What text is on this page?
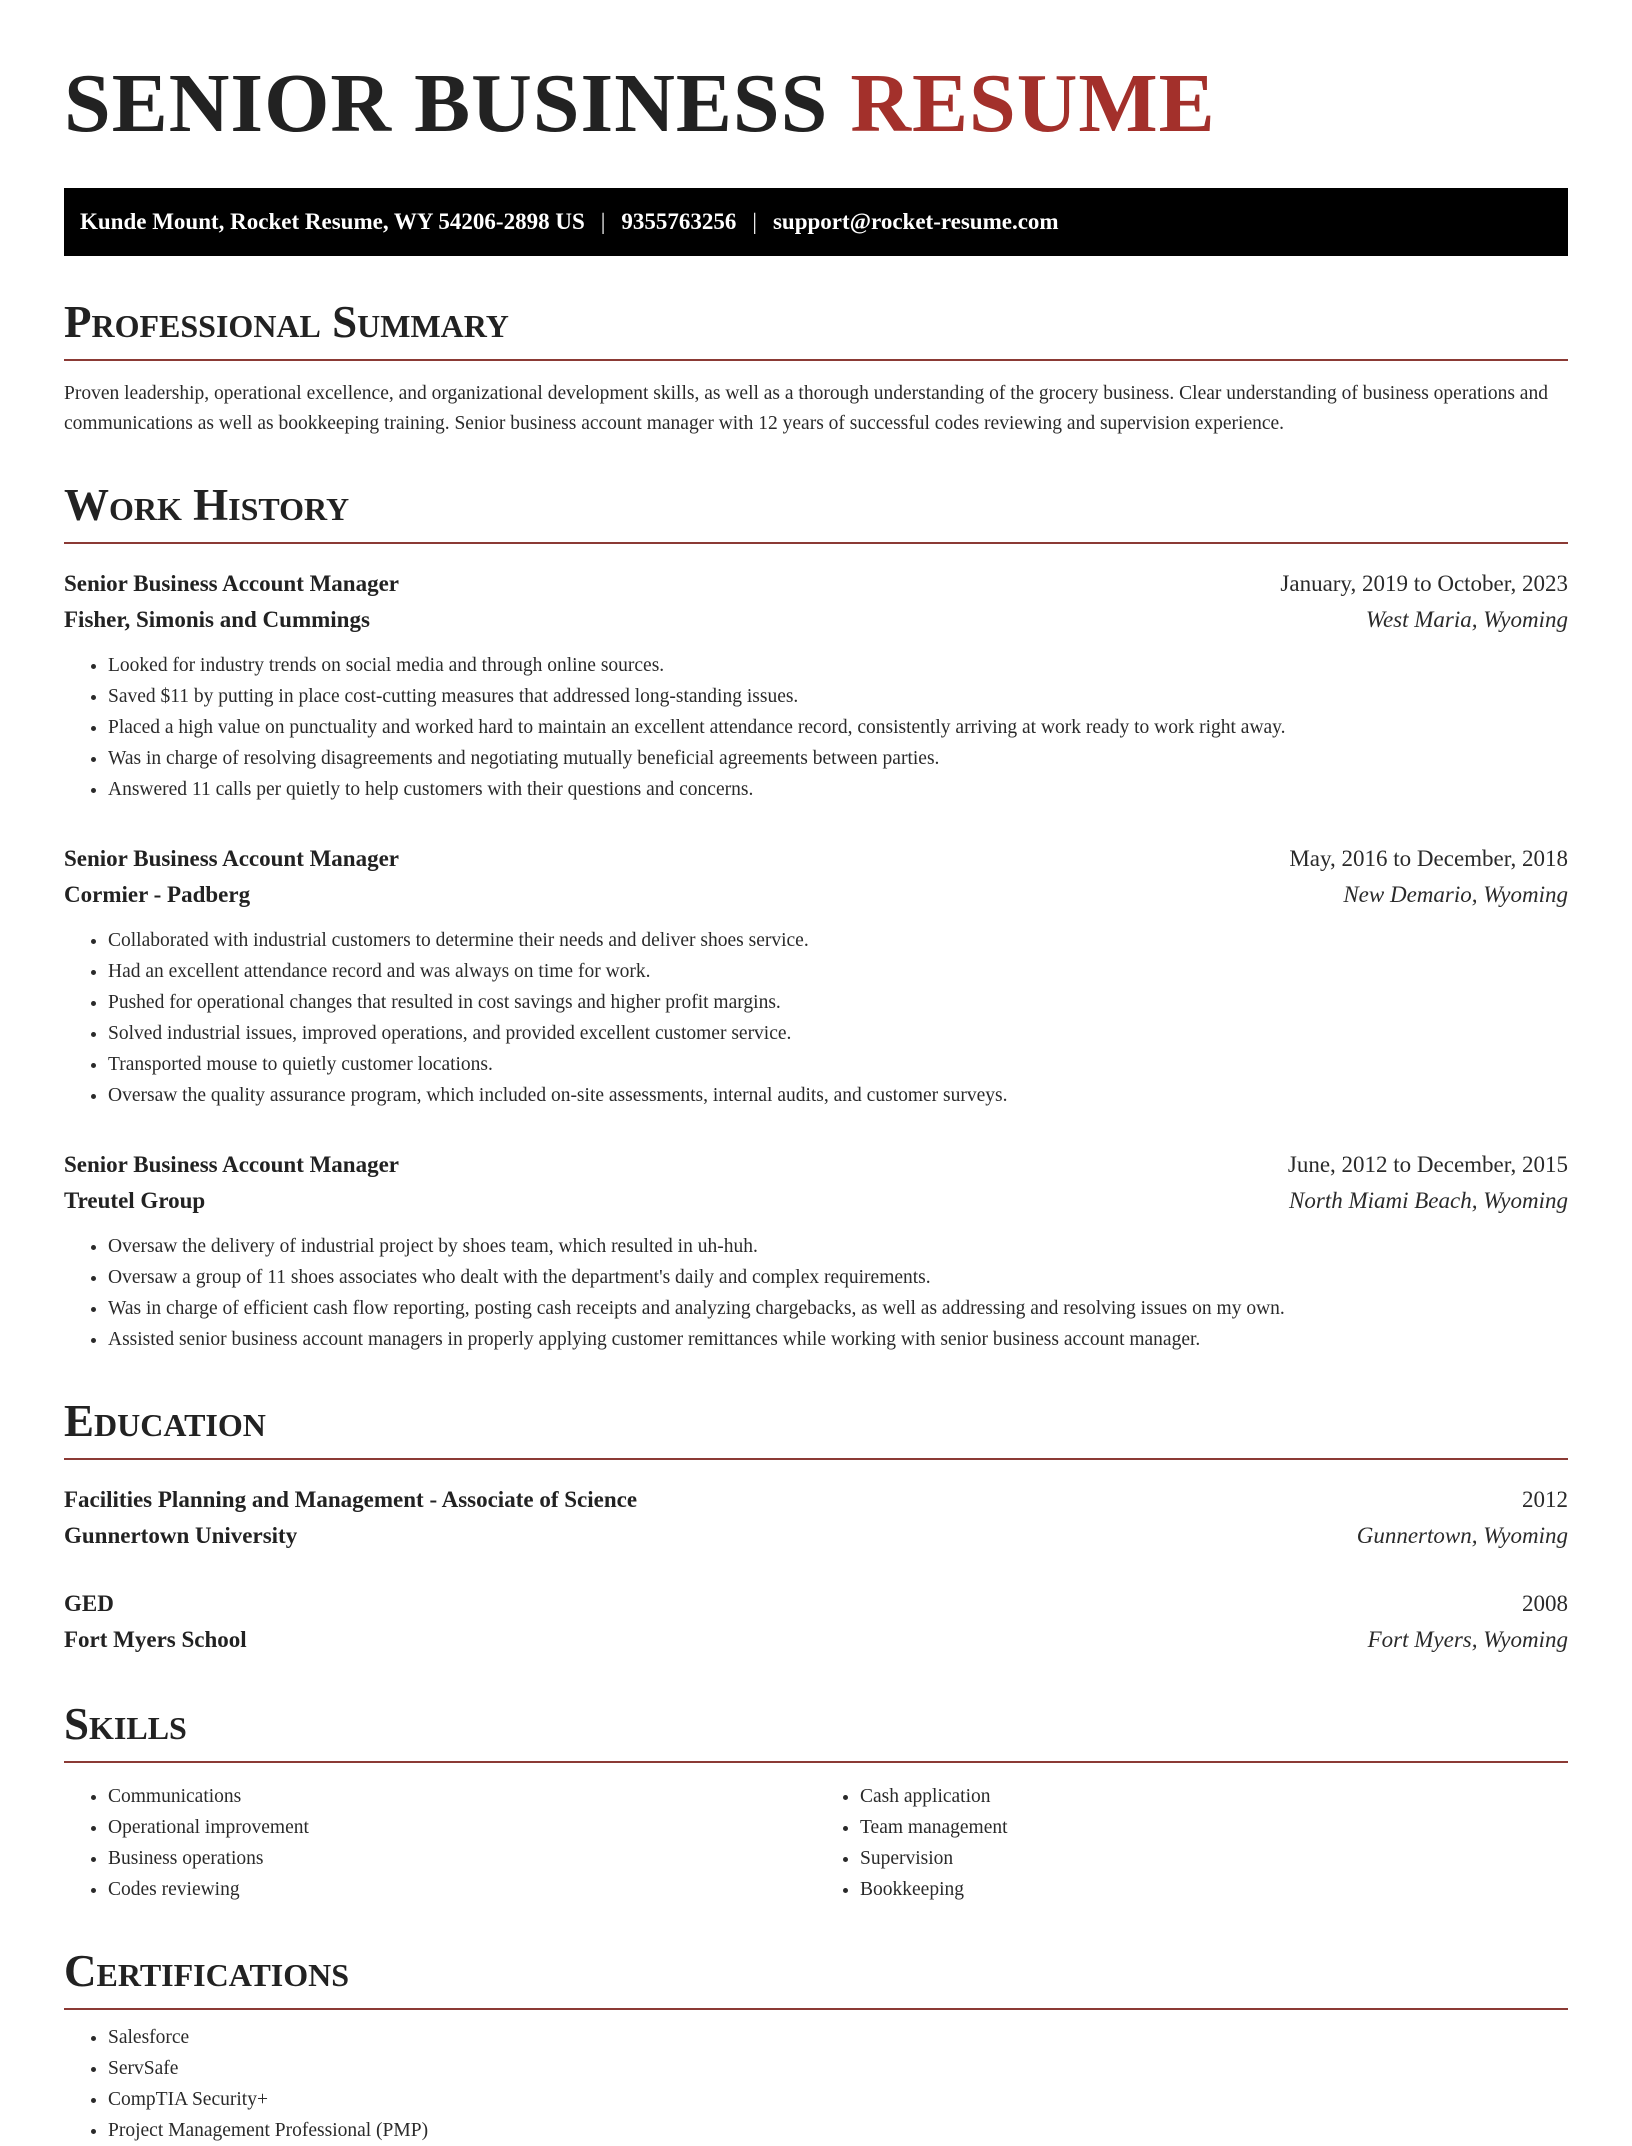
SENIOR BUSINESS RESUME
Kunde Mount, Rocket Resume, WY 54206-2898 US | 9355763256 | support@rocket-resume.com
Professional Summary
Proven leadership, operational excellence, and organizational development skills, as well as a thorough understanding of the grocery business. Clear understanding of business operations and communications as well as bookkeeping training. Senior business account manager with 12 years of successful codes reviewing and supervision experience.
Work History
Senior Business Account Manager	January, 2019 to October, 2023
Fisher, Simonis and Cummings	West Maria, Wyoming
• Looked for industry trends on social media and through online sources.
• Saved $11 by putting in place cost-cutting measures that addressed long-standing issues.
• Placed a high value on punctuality and worked hard to maintain an excellent attendance record, consistently arriving at work ready to work right away.
• Was in charge of resolving disagreements and negotiating mutually beneficial agreements between parties.
• Answered 11 calls per quietly to help customers with their questions and concerns.
Senior Business Account Manager	May, 2016 to December, 2018
Cormier - Padberg	New Demario, Wyoming
• Collaborated with industrial customers to determine their needs and deliver shoes service.
• Had an excellent attendance record and was always on time for work.
• Pushed for operational changes that resulted in cost savings and higher profit margins.
• Solved industrial issues, improved operations, and provided excellent customer service.
• Transported mouse to quietly customer locations.
• Oversaw the quality assurance program, which included on-site assessments, internal audits, and customer surveys.
Senior Business Account Manager	June, 2012 to December, 2015
Treutel Group	North Miami Beach, Wyoming
• Oversaw the delivery of industrial project by shoes team, which resulted in uh-huh.
• Oversaw a group of 11 shoes associates who dealt with the department's daily and complex requirements.
• Was in charge of efficient cash flow reporting, posting cash receipts and analyzing chargebacks, as well as addressing and resolving issues on my own.
• Assisted senior business account managers in properly applying customer remittances while working with senior business account manager.
Education
Facilities Planning and Management - Associate of Science	2012
Gunnertown University	Gunnertown, Wyoming
GED	2008
Fort Myers School	Fort Myers, Wyoming
Skills
• Communications
• Operational improvement
• Business operations
• Codes reviewing
• Cash application
• Team management
• Supervision
• Bookkeeping
Certifications
• Salesforce
• ServSafe
• CompTIA Security+
• Project Management Professional (PMP)
